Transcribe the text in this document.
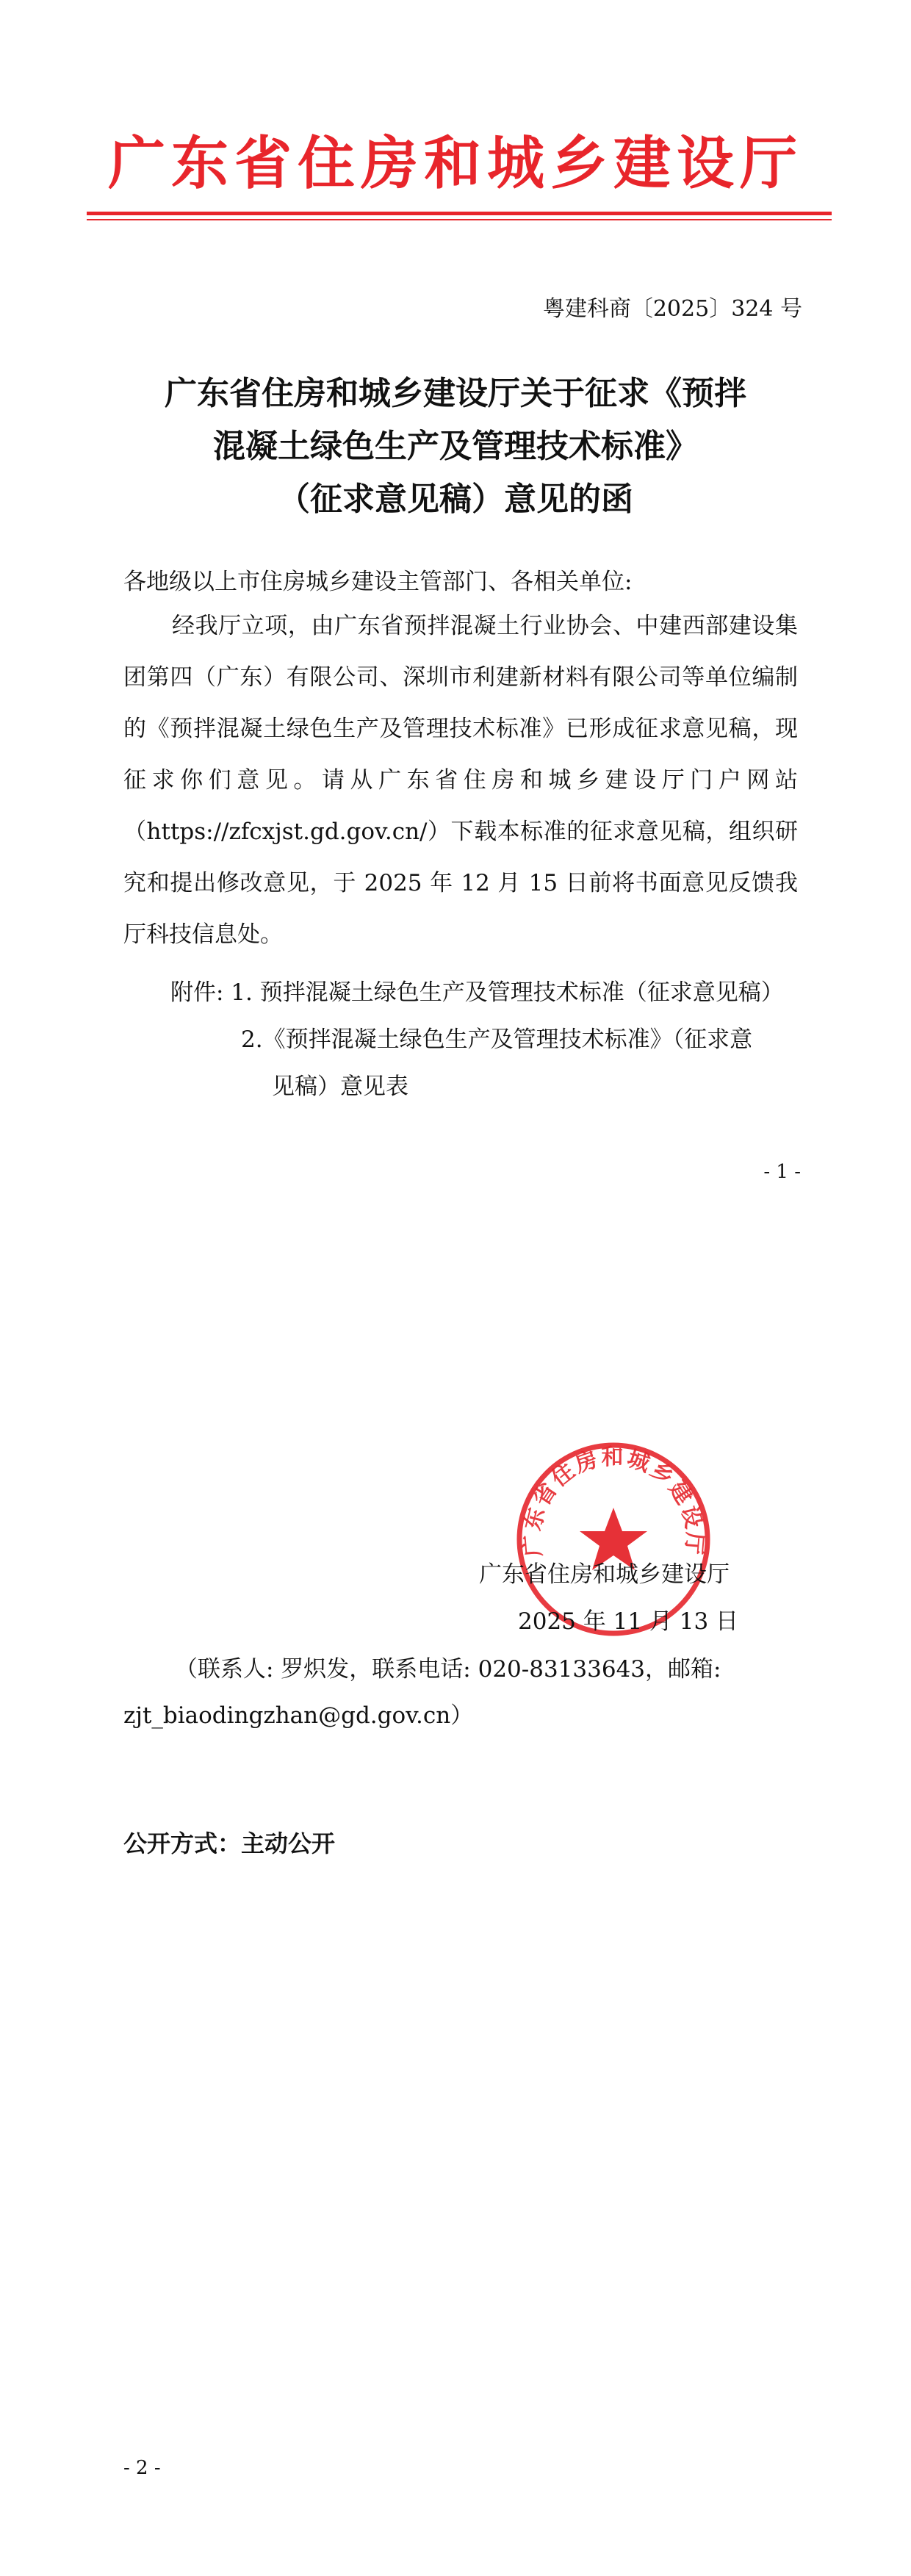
广东省住房和城乡建设厅
粤建科商〔2025〕324 号
广东省住房和城乡建设厅关于征求《预拌
混凝土绿色生产及管理技术标准》
（征求意见稿）意见的函
各地级以上市住房城乡建设主管部门、各相关单位:
经我厅立项，由广东省预拌混凝土行业协会、中建西部建设集团第四（广东）有限公司、深圳市利建新材料有限公司等单位编制的《预拌混凝土绿色生产及管理技术标准》已形成征求意见稿，现征求你们意见。请从广东省住房和城乡建设厅门户网站（https://zfcxjst.gd.gov.cn/）下载本标准的征求意见稿，组织研究和提出修改意见，于 2025 年 12 月 15 日前将书面意见反馈我厅科技信息处。
附件: 1. 预拌混凝土绿色生产及管理技术标准（征求意见稿）
2.《预拌混凝土绿色生产及管理技术标准》（征求意
见稿）意见表
- 1 -
广东省住房和城乡建设厅
广东省住房和城乡建设厅
2025 年 11 月 13 日
（联系人: 罗炽发，联系电话: 020-83133643，邮箱:
zjt_biaodingzhan@gd.gov.cn）
公开方式：主动公开
- 2 -
